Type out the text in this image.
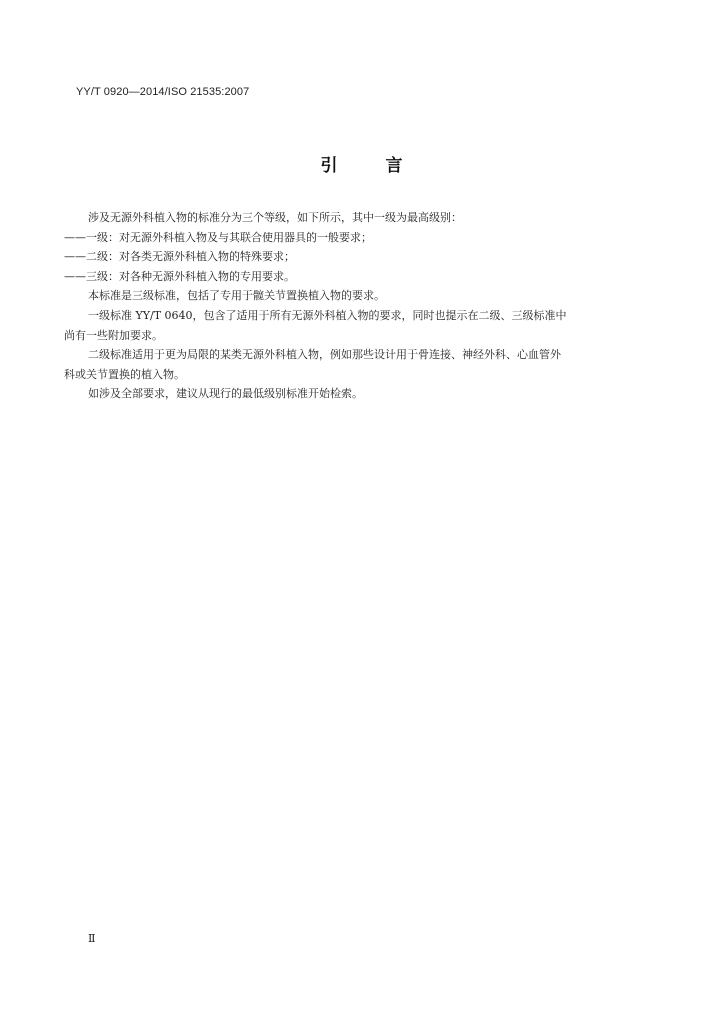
YY/T 0920—2014/ISO 21535:2007
引	言

涉及无源外科植入物的标准分为三个等级，如下所示，其中一级为最高级别：

——一级：对无源外科植入物及与其联合使用器具的一般要求；

——二级：对各类无源外科植入物的特殊要求；

——三级：对各种无源外科植入物的专用要求。

本标准是三级标准，包括了专用于髋关节置换植入物的要求。

一级标准 YY/T 0640，包含了适用于所有无源外科植入物的要求，同时也提示在二级、三级标准中

尚有一些附加要求。

二级标准适用于更为局限的某类无源外科植入物，例如那些设计用于骨连接、神经外科、心血管外

科或关节置换的植入物。

如涉及全部要求，建议从现行的最低级别标准开始检索。

Ⅱ
